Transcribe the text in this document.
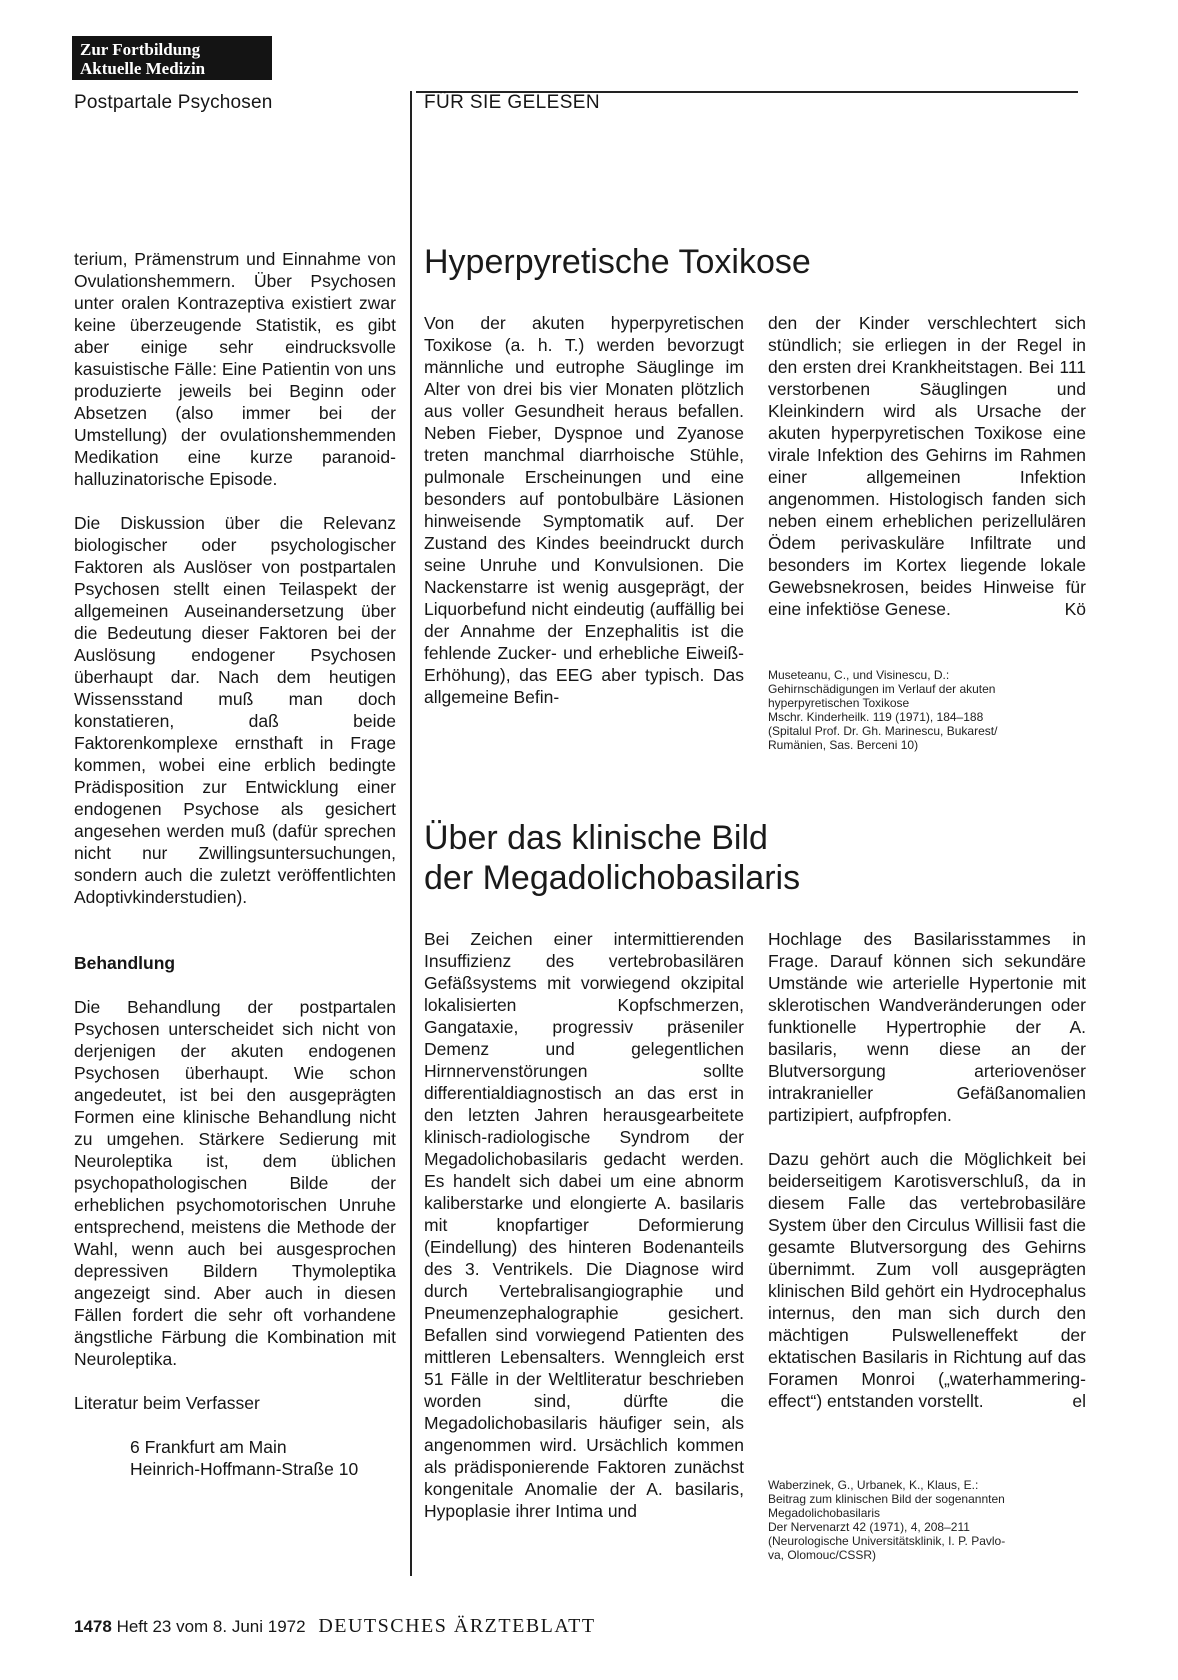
Zur Fortbildung
Aktuelle Medizin
Postpartale Psychosen	FÜR SIE GELESEN

terium, Prämenstrum und Einnahme von Ovulationshemmern. Über Psychosen unter oralen Kontrazeptiva existiert zwar keine überzeugende Statistik, es gibt aber einige sehr eindrucksvolle kasuistische Fälle: Eine Patientin von uns produzierte jeweils bei Beginn oder Absetzen (also immer bei der Umstellung) der ovulationshemmenden Medikation eine kurze paranoid-halluzinatorische Episode.

Die Diskussion über die Relevanz biologischer oder psychologischer Faktoren als Auslöser von postpartalen Psychosen stellt einen Teilaspekt der allgemeinen Auseinandersetzung über die Bedeutung dieser Faktoren bei der Auslösung endogener Psychosen überhaupt dar. Nach dem heutigen Wissensstand muß man doch konstatieren, daß beide Faktorenkomplexe ernsthaft in Frage kommen, wobei eine erblich bedingte Prädisposition zur Entwicklung einer endogenen Psychose als gesichert angesehen werden muß (dafür sprechen nicht nur Zwillingsuntersuchungen, sondern auch die zuletzt veröffentlichten Adoptivkinderstudien).

Behandlung

Die Behandlung der postpartalen Psychosen unterscheidet sich nicht von derjenigen der akuten endogenen Psychosen überhaupt. Wie schon angedeutet, ist bei den ausgeprägten Formen eine klinische Behandlung nicht zu umgehen. Stärkere Sedierung mit Neuroleptika ist, dem üblichen psychopathologischen Bilde der erheblichen psychomotorischen Unruhe entsprechend, meistens die Methode der Wahl, wenn auch bei ausgesprochen depressiven Bildern Thymoleptika angezeigt sind. Aber auch in diesen Fällen fordert die sehr oft vorhandene ängstliche Färbung die Kombination mit Neuroleptika.

Literatur beim Verfasser

6 Frankfurt am Main

Heinrich-Hoffmann-Straße 10

Hyperpyretische Toxikose
Von der akuten hyperpyretischen Toxikose (a. h. T.) werden bevorzugt männliche und eutrophe Säuglinge im Alter von drei bis vier Monaten plötzlich aus voller Gesundheit heraus befallen. Neben Fieber, Dyspnoe und Zyanose treten manchmal diarrhoische Stühle, pulmonale Erscheinungen und eine besonders auf pontobulbäre Läsionen hinweisende Symptomatik auf. Der Zustand des Kindes beeindruckt durch seine Unruhe und Konvulsionen. Die Nackenstarre ist wenig ausgeprägt, der Liquorbefund nicht eindeutig (auffällig bei der Annahme der Enzephalitis ist die fehlende Zucker- und erhebliche Eiweiß-Erhöhung), das EEG aber typisch. Das allgemeine Befin-
den der Kinder verschlechtert sich stündlich; sie erliegen in der Regel in den ersten drei Krankheitstagen. Bei 111 verstorbenen Säuglingen und Kleinkindern wird als Ursache der akuten hyperpyretischen Toxikose eine virale Infektion des Gehirns im Rahmen einer allgemeinen Infektion angenommen. Histologisch fanden sich neben einem erheblichen perizellulären Ödem perivaskuläre Infiltrate und besonders im Kortex liegende lokale Gewebsnekrosen, beides Hinweise für eine infektiöse Genese.	Kö
Museteanu, C., und Visinescu, D.:
Gehirnschädigungen im Verlauf der akuten
hyperpyretischen Toxikose
Mschr. Kinderheilk. 119 (1971), 184–188
(Spitalul Prof. Dr. Gh. Marinescu, Bukarest/
Rumänien, Sas. Berceni 10)
Über das klinische Bild
der Megadolichobasilaris
Bei Zeichen einer intermittierenden Insuffizienz des vertebrobasilären Gefäßsystems mit vorwiegend okzipital lokalisierten Kopfschmerzen, Gangataxie, progressiv präseniler Demenz und gelegentlichen Hirnnervenstörungen sollte differentialdiagnostisch an das erst in den letzten Jahren herausgearbeitete klinisch-radiologische Syndrom der Megadolichobasilaris gedacht werden. Es handelt sich dabei um eine abnorm kaliberstarke und elongierte A. basilaris mit knopfartiger Deformierung (Eindellung) des hinteren Bodenanteils des 3. Ventrikels. Die Diagnose wird durch Vertebralisangiographie und Pneumenzephalographie gesichert. Befallen sind vorwiegend Patienten des mittleren Lebensalters. Wenngleich erst 51 Fälle in der Weltliteratur beschrieben worden sind, dürfte die Megadolichobasilaris häufiger sein, als angenommen wird. Ursächlich kommen als prädisponierende Faktoren zunächst kongenitale Anomalie der A. basilaris, Hypoplasie ihrer Intima und

Hochlage des Basilarisstammes in Frage. Darauf können sich sekundäre Umstände wie arterielle Hypertonie mit sklerotischen Wandveränderungen oder funktionelle Hypertrophie der A. basilaris, wenn diese an der Blutversorgung arteriovenöser intrakranieller Gefäßanomalien partizipiert, aufpfropfen.

Dazu gehört auch die Möglichkeit bei beiderseitigem Karotisverschluß, da in diesem Falle das vertebrobasiläre System über den Circulus Willisii fast die gesamte Blutversorgung des Gehirns übernimmt. Zum voll ausgeprägten klinischen Bild gehört ein Hydrocephalus internus, den man sich durch den mächtigen Pulswelleneffekt der ektatischen Basilaris in Richtung auf das Foramen Monroi („waterhammering-effect“) entstanden vorstellt.	el

Waberzinek, G., Urbanek, K., Klaus, E.:
Beitrag zum klinischen Bild der sogenannten
Megadolichobasilaris
Der Nervenarzt 42 (1971), 4, 208–211
(Neurologische Universitätsklinik, I. P. Pavlo-
va, Olomouc/CSSR)
1478 Heft 23 vom 8. Juni 1972 DEUTSCHES ÄRZTEBLATT
